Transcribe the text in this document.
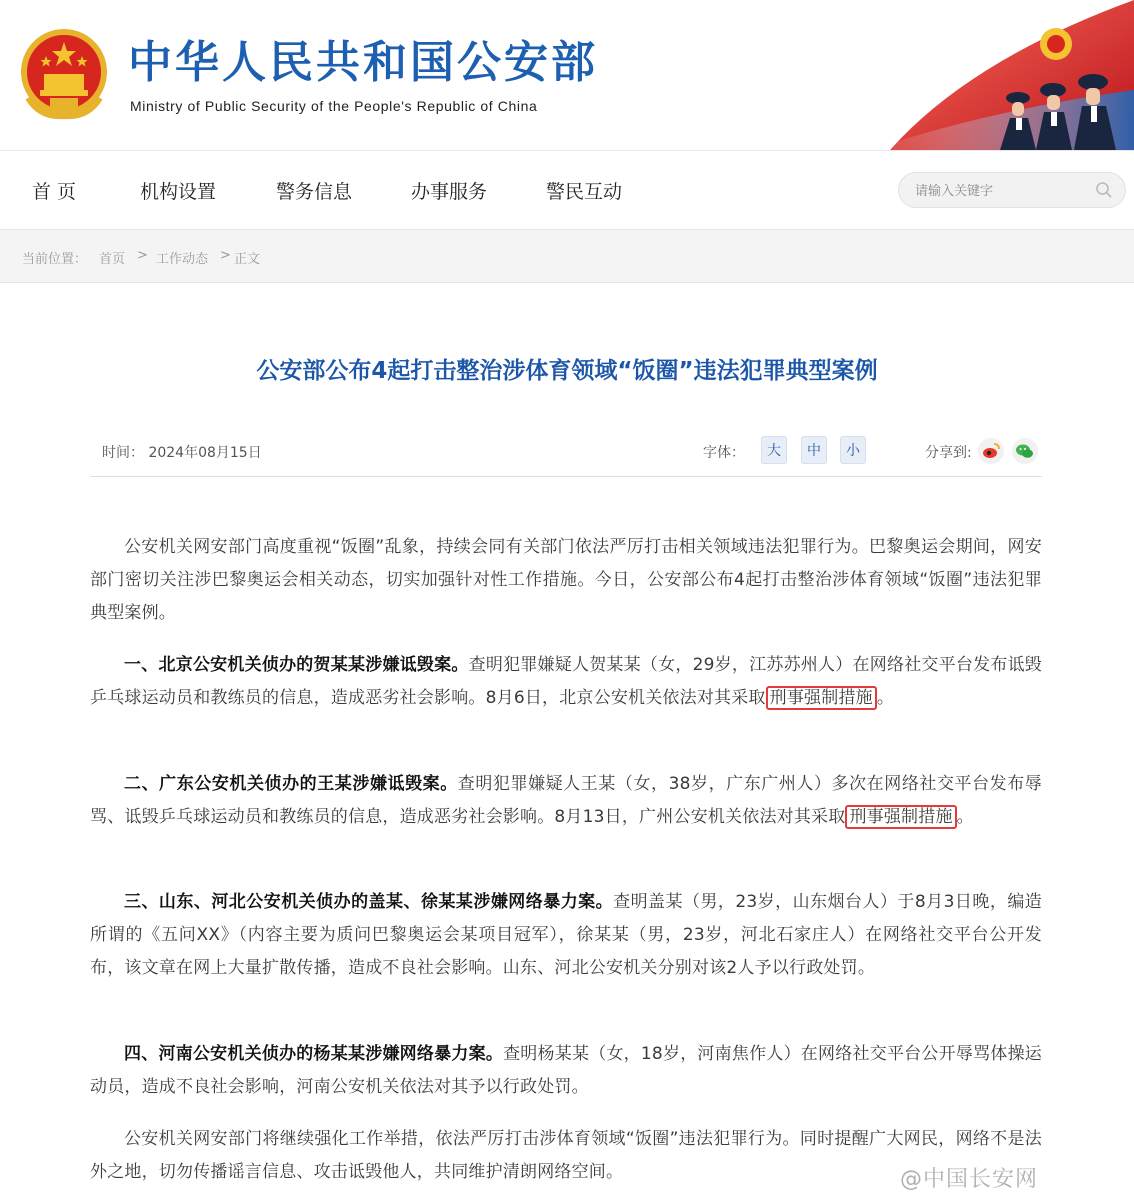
中华人民共和国公安部
Ministry of Public Security of the People's Republic of China
首 页	机构设置	警务信息	办事服务	警民互动
请输入关键字
当前位置： 首页 > 工作动态 > 正文
公安部公布4起打击整治涉体育领域“饭圈”违法犯罪典型案例
时间： 2024年08月15日	字体：	大	中	小	分享到:
公安机关网安部门高度重视“饭圈”乱象，持续会同有关部门依法严厉打击相关领域违法犯罪行为。巴黎奥运会期间，网安部门密切关注涉巴黎奥运会相关动态，切实加强针对性工作措施。今日，公安部公布4起打击整治涉体育领域“饭圈”违法犯罪典型案例。
一、北京公安机关侦办的贺某某涉嫌诋毁案。查明犯罪嫌疑人贺某某（女，29岁，江苏苏州人）在网络社交平台发布诋毁乒乓球运动员和教练员的信息，造成恶劣社会影响。8月6日，北京公安机关依法对其采取 刑事强制措施 。
二、广东公安机关侦办的王某涉嫌诋毁案。查明犯罪嫌疑人王某（女，38岁，广东广州人）多次在网络社交平台发布辱骂、诋毁乒乓球运动员和教练员的信息，造成恶劣社会影响。8月13日，广州公安机关依法对其采取 刑事强制措施 。
三、山东、河北公安机关侦办的盖某、徐某某涉嫌网络暴力案。查明盖某（男，23岁，山东烟台人）于8月3日晚，编造所谓的《五问XX》（内容主要为质问巴黎奥运会某项目冠军），徐某某（男，23岁，河北石家庄人）在网络社交平台公开发布，该文章在网上大量扩散传播，造成不良社会影响。山东、河北公安机关分别对该2人予以行政处罚。
四、河南公安机关侦办的杨某某涉嫌网络暴力案。查明杨某某（女，18岁，河南焦作人）在网络社交平台公开辱骂体操运动员，造成不良社会影响，河南公安机关依法对其予以行政处罚。
公安机关网安部门将继续强化工作举措，依法严厉打击涉体育领域“饭圈”违法犯罪行为。同时提醒广大网民，网络不是法外之地，切勿传播谣言信息、攻击诋毁他人，共同维护清朗网络空间。	@中国长安网
